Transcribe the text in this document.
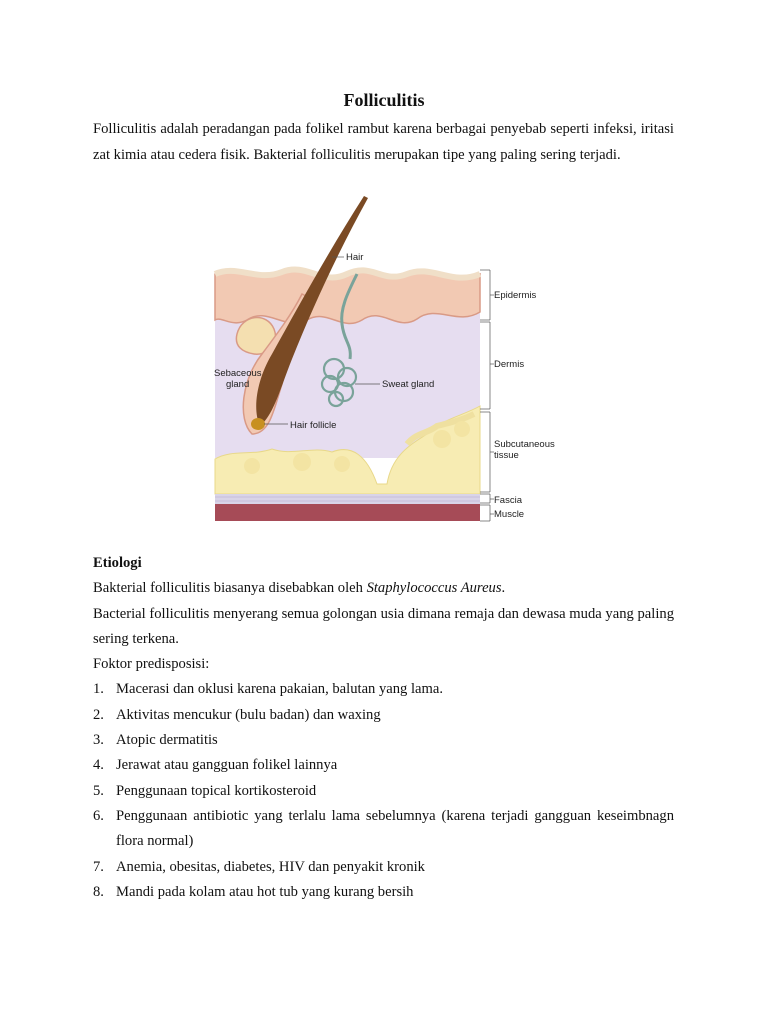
Folliculitis

Folliculitis adalah peradangan pada folikel rambut karena berbagai penyebab seperti infeksi, iritasi zat kimia atau cedera fisik. Bakterial folliculitis merupakan tipe yang paling sering terjadi.

Hair
Epidermis
Dermis
Sebaceous
gland	Sweat gland
Hair follicle
Subcutaneous
tissue
Fascia
Muscle

Etiologi

Bakterial folliculitis biasanya disebabkan oleh Staphylococcus Aureus.

Bacterial folliculitis menyerang semua golongan usia dimana remaja dan dewasa muda yang paling sering terkena.

Foktor predisposisi:

1. Macerasi dan oklusi karena pakaian, balutan yang lama.
2. Aktivitas mencukur (bulu badan) dan waxing
3. Atopic dermatitis
4. Jerawat atau gangguan folikel lainnya
5. Penggunaan topical kortikosteroid
6. Penggunaan antibiotic yang terlalu lama sebelumnya (karena terjadi gangguan keseimbnagn flora normal)
7. Anemia, obesitas, diabetes, HIV dan penyakit kronik
8. Mandi pada kolam atau hot tub yang kurang bersih
